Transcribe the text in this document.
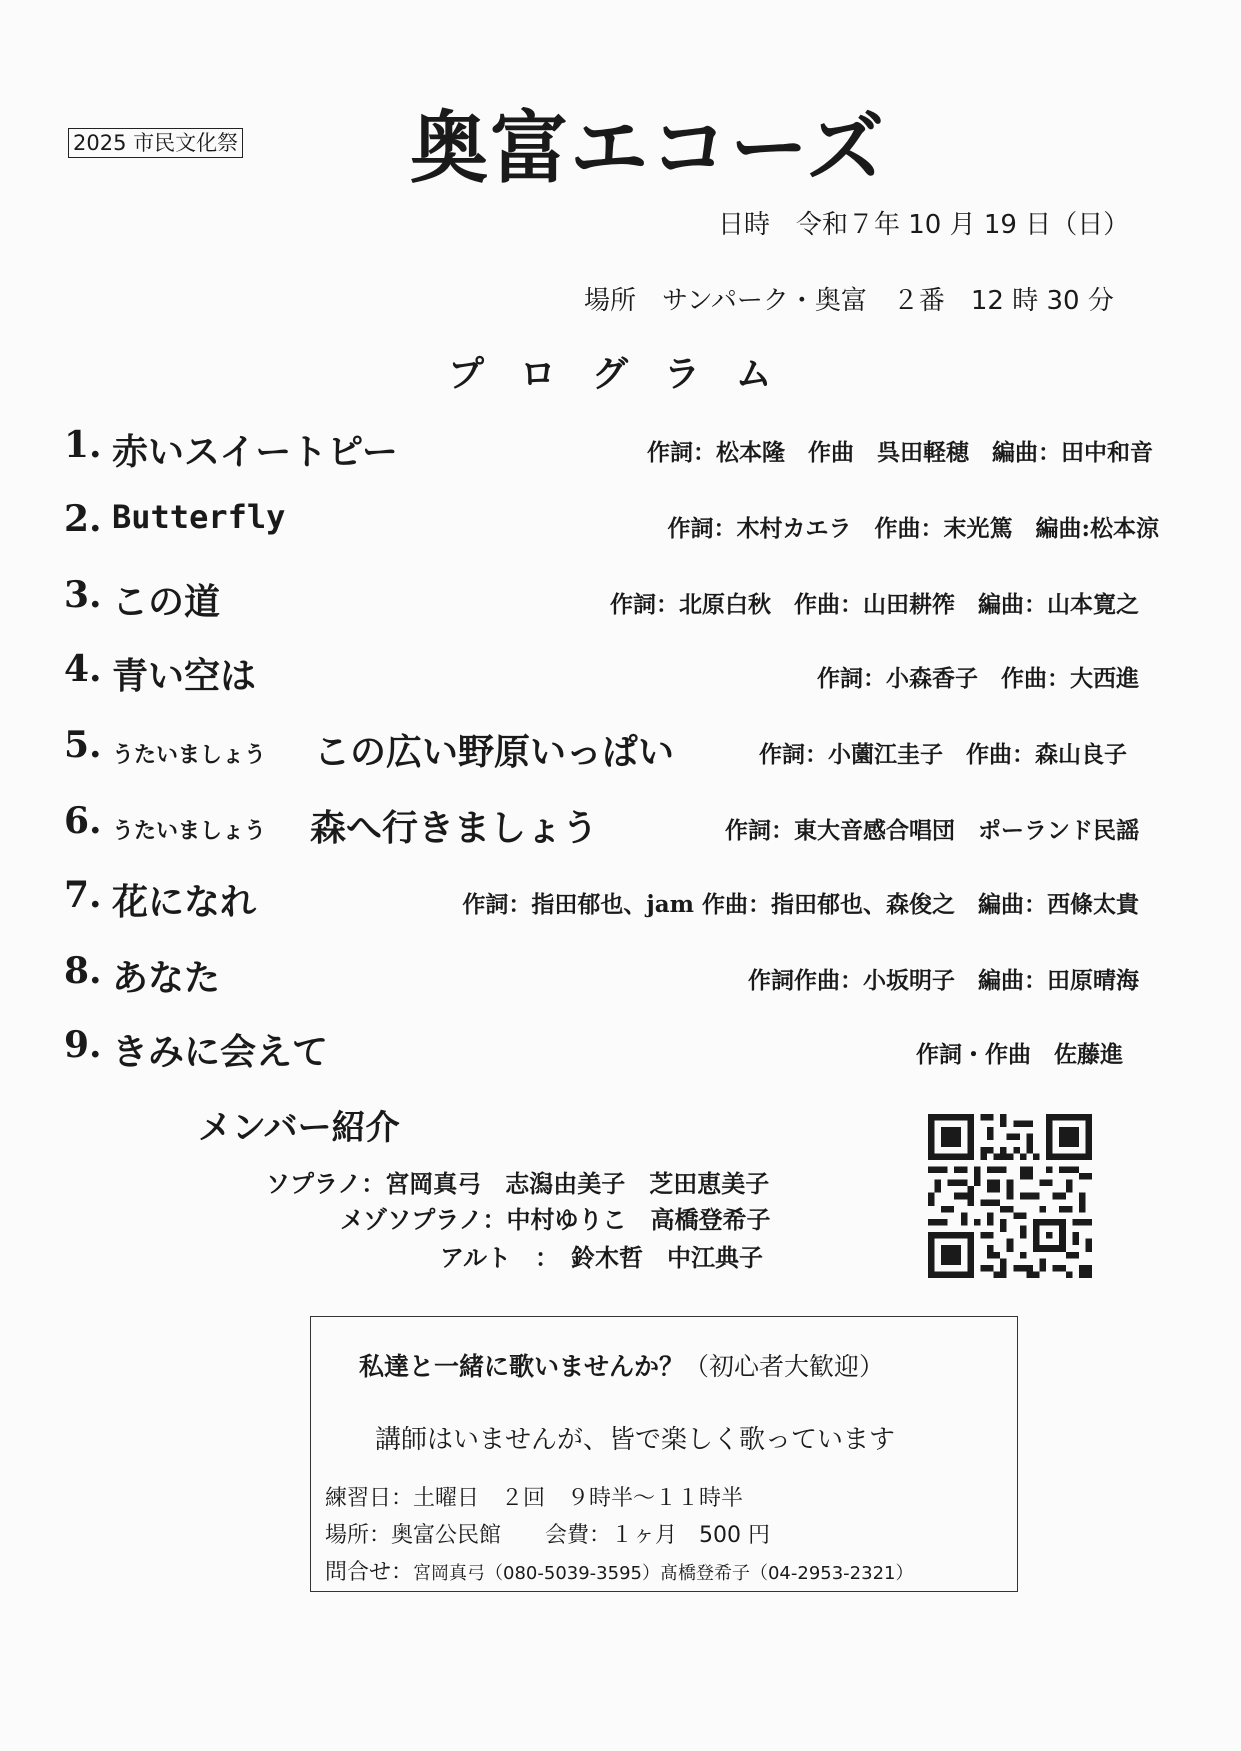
2025 市民文化祭 奥富エコーズ
日時　令和７年 10 月 19 日（日）
場所　サンパーク・奥富　２番　12 時 30 分
プログラム
1. 赤いスイートピー	作詞：松本隆　作曲　呉田軽穂　編曲：田中和音
2. Butterfly	作詞：木村カエラ　作曲：末光篤　編曲:松本涼
3. この道	作詞：北原白秋　作曲：山田耕筰　編曲：山本寛之
4. 青い空は	作詞：小森香子　作曲：大西進
5. うたいましょう この広い野原いっぱい	作詞：小薗江圭子　作曲：森山良子
6. うたいましょう 森へ行きましょう	作詞：東大音感合唱団　ポーランド民謡
7. 花になれ	作詞：指田郁也、jam 作曲：指田郁也、森俊之　編曲：西條太貴
8. あなた	作詞作曲：小坂明子　編曲：田原晴海
9. きみに会えて	作詞・作曲　佐藤進
メンバー紹介
ソプラノ：宮岡真弓　志潟由美子　芝田恵美子
メゾソプラノ：中村ゆりこ　高橋登希子
アルト　：　鈴木哲　中江典子
私達と一緒に歌いませんか？（初心者大歓迎）
講師はいませんが、皆で楽しく歌っています
練習日：土曜日　２回　９時半～１１時半
場所：奥富公民館　　会費：１ヶ月　500 円
問合せ：宮岡真弓（080-5039-3595）髙橋登希子（04-2953-2321）
